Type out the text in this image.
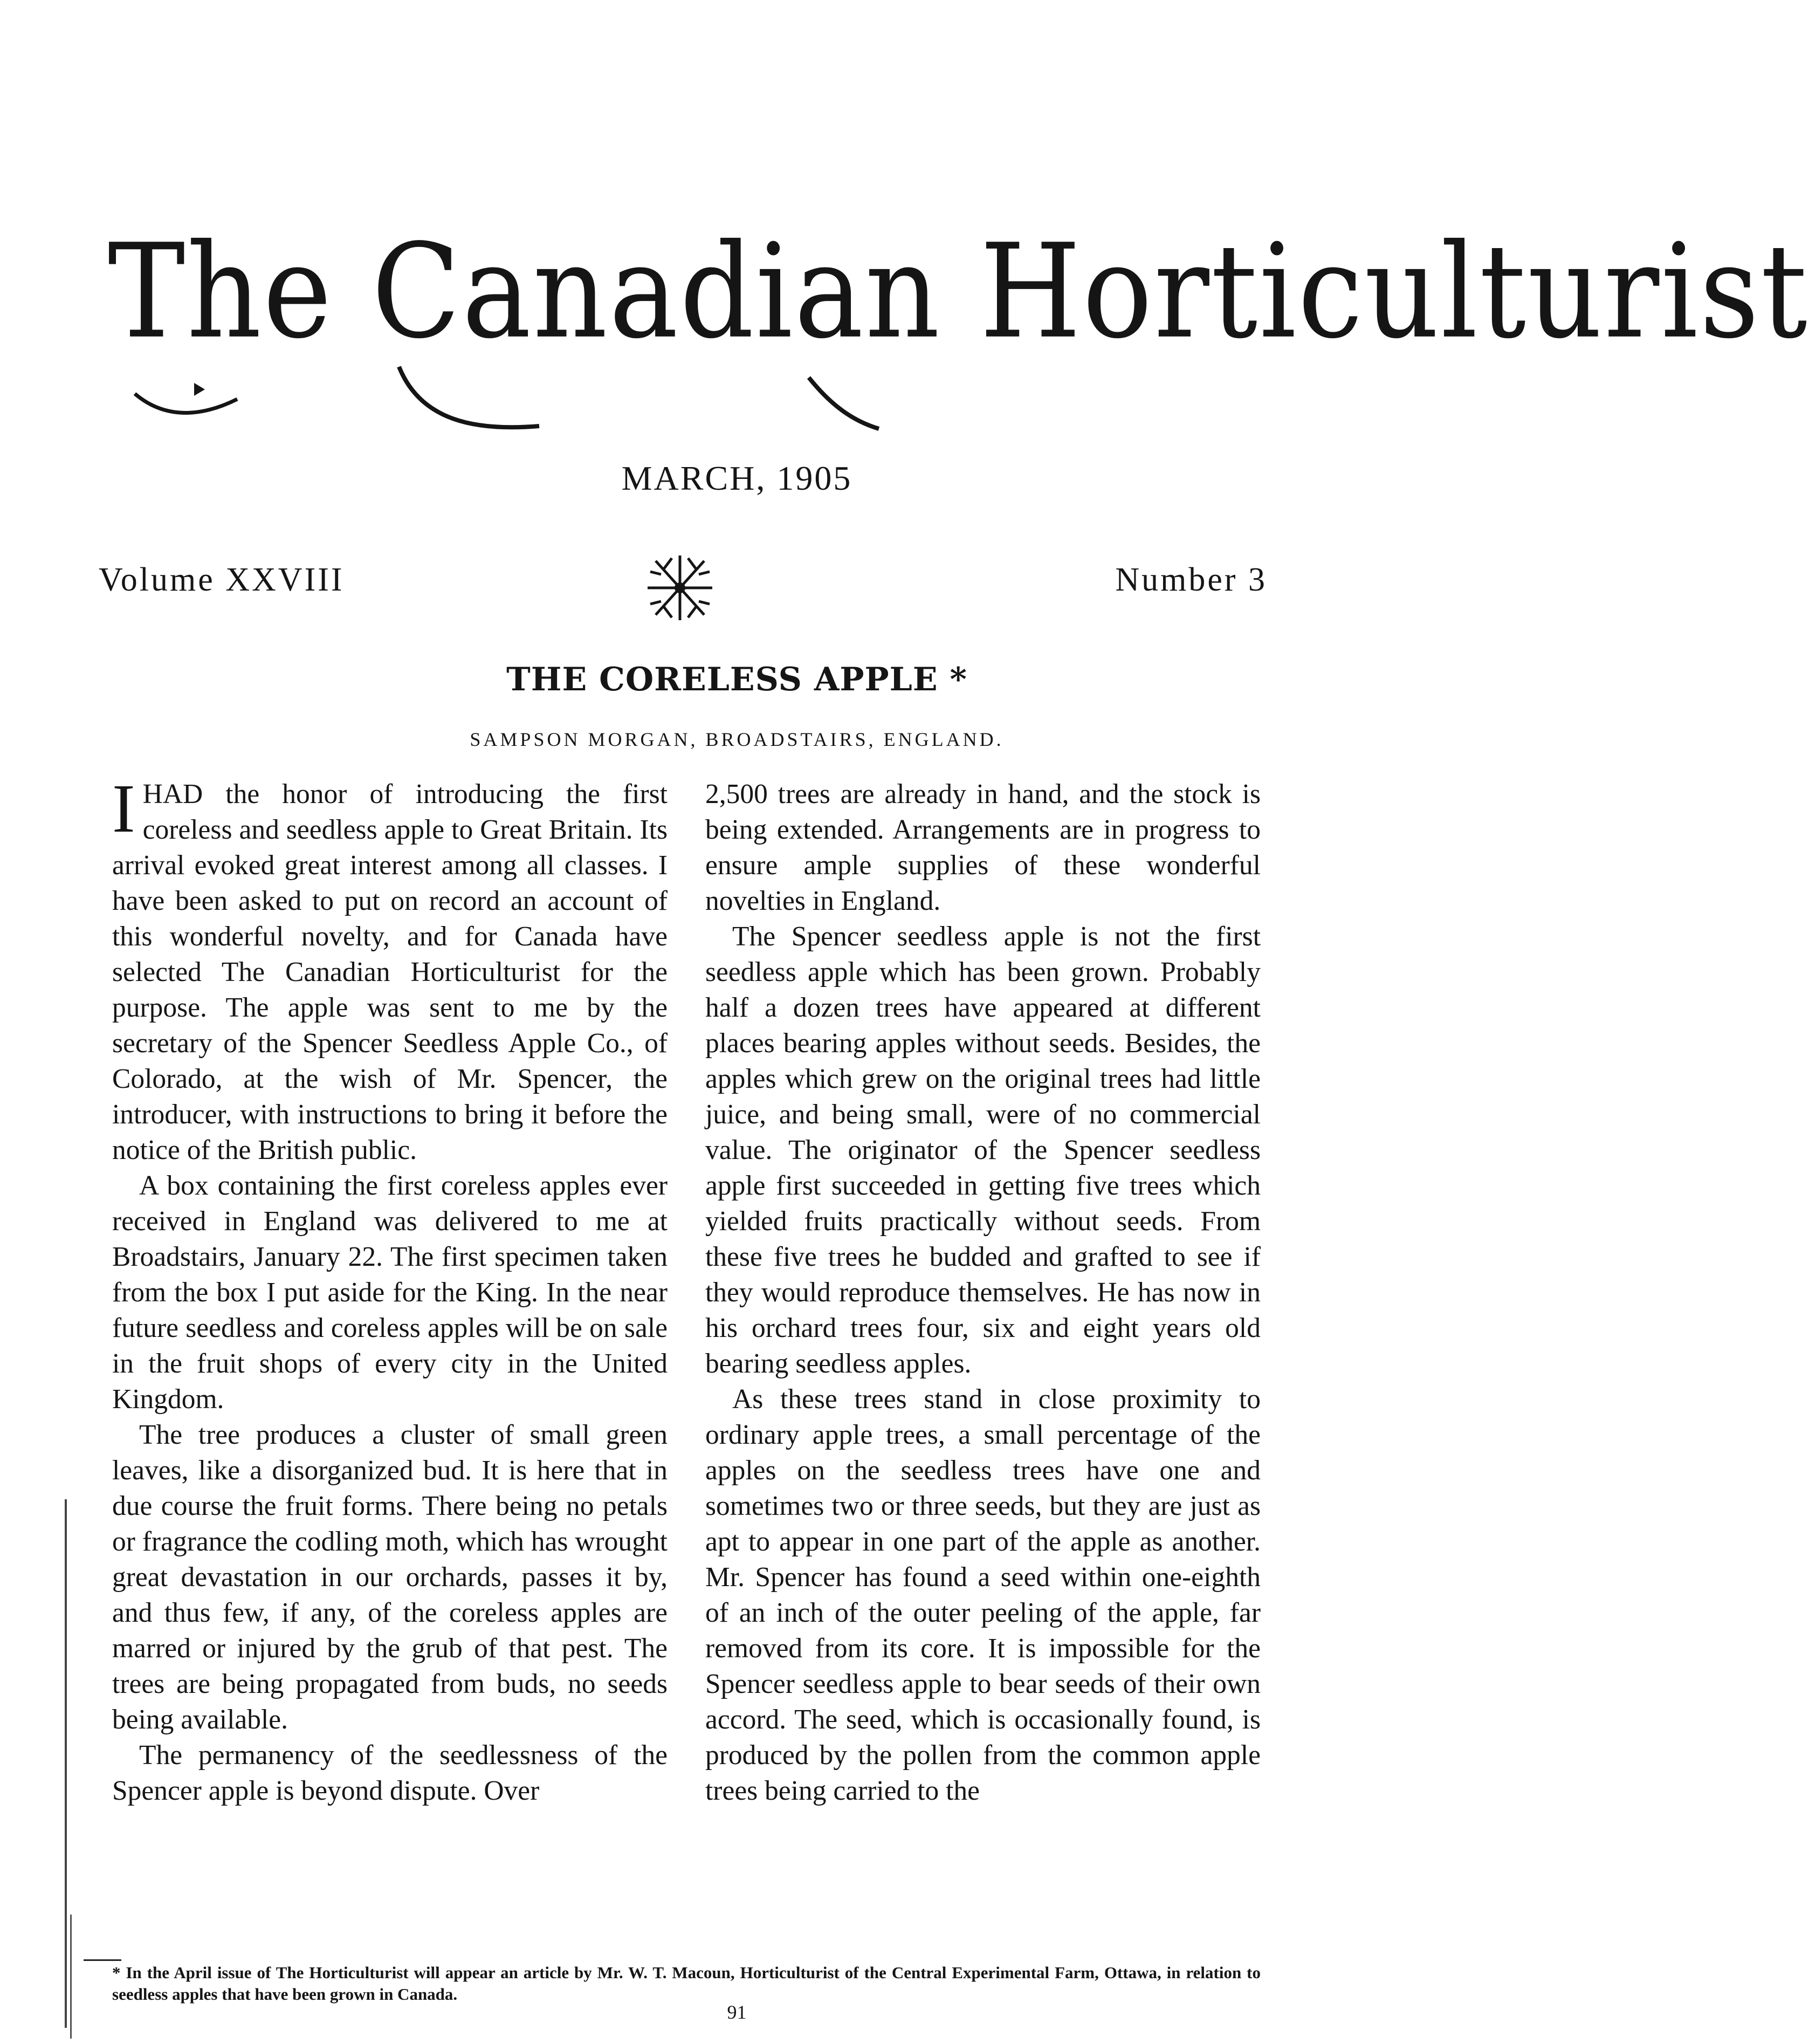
The Canadian Horticulturist
MARCH, 1905
Volume XXVIII	Number 3
THE CORELESS APPLE *
SAMPSON MORGAN, BROADSTAIRS, ENGLAND.

IHAD the honor of introducing the first coreless and seedless apple to Great Britain. Its arrival evoked great interest among all classes. I have been asked to put on record an account of this wonderful novelty, and for Canada have selected The Canadian Horticulturist for the purpose. The apple was sent to me by the secretary of the Spencer Seedless Apple Co., of Colorado, at the wish of Mr. Spencer, the introducer, with instructions to bring it before the notice of the British public.

A box containing the first coreless apples ever received in England was delivered to me at Broadstairs, January 22. The first specimen taken from the box I put aside for the King. In the near future seedless and coreless apples will be on sale in the fruit shops of every city in the United Kingdom.

The tree produces a cluster of small green leaves, like a disorganized bud. It is here that in due course the fruit forms. There being no petals or fragrance the codling moth, which has wrought great devastation in our orchards, passes it by, and thus few, if any, of the coreless apples are marred or injured by the grub of that pest. The trees are being propagated from buds, no seeds being available.

The permanency of the seedlessness of the Spencer apple is beyond dispute. Over

2,500 trees are already in hand, and the stock is being extended. Arrangements are in progress to ensure ample supplies of these wonderful novelties in England.

The Spencer seedless apple is not the first seedless apple which has been grown. Probably half a dozen trees have appeared at different places bearing apples without seeds. Besides, the apples which grew on the original trees had little juice, and being small, were of no commercial value. The originator of the Spencer seedless apple first succeeded in getting five trees which yielded fruits practically without seeds. From these five trees he budded and grafted to see if they would reproduce themselves. He has now in his orchard trees four, six and eight years old bearing seedless apples.

As these trees stand in close proximity to ordinary apple trees, a small percentage of the apples on the seedless trees have one and sometimes two or three seeds, but they are just as apt to appear in one part of the apple as another. Mr. Spencer has found a seed within one-eighth of an inch of the outer peeling of the apple, far removed from its core. It is impossible for the Spencer seedless apple to bear seeds of their own accord. The seed, which is occasionally found, is produced by the pollen from the common apple trees being carried to the

* In the April issue of The Horticulturist will appear an article by Mr. W. T. Macoun, Horticulturist of the Central Experimental Farm, Ottawa, in relation to seedless apples that have been grown in Canada.
91
